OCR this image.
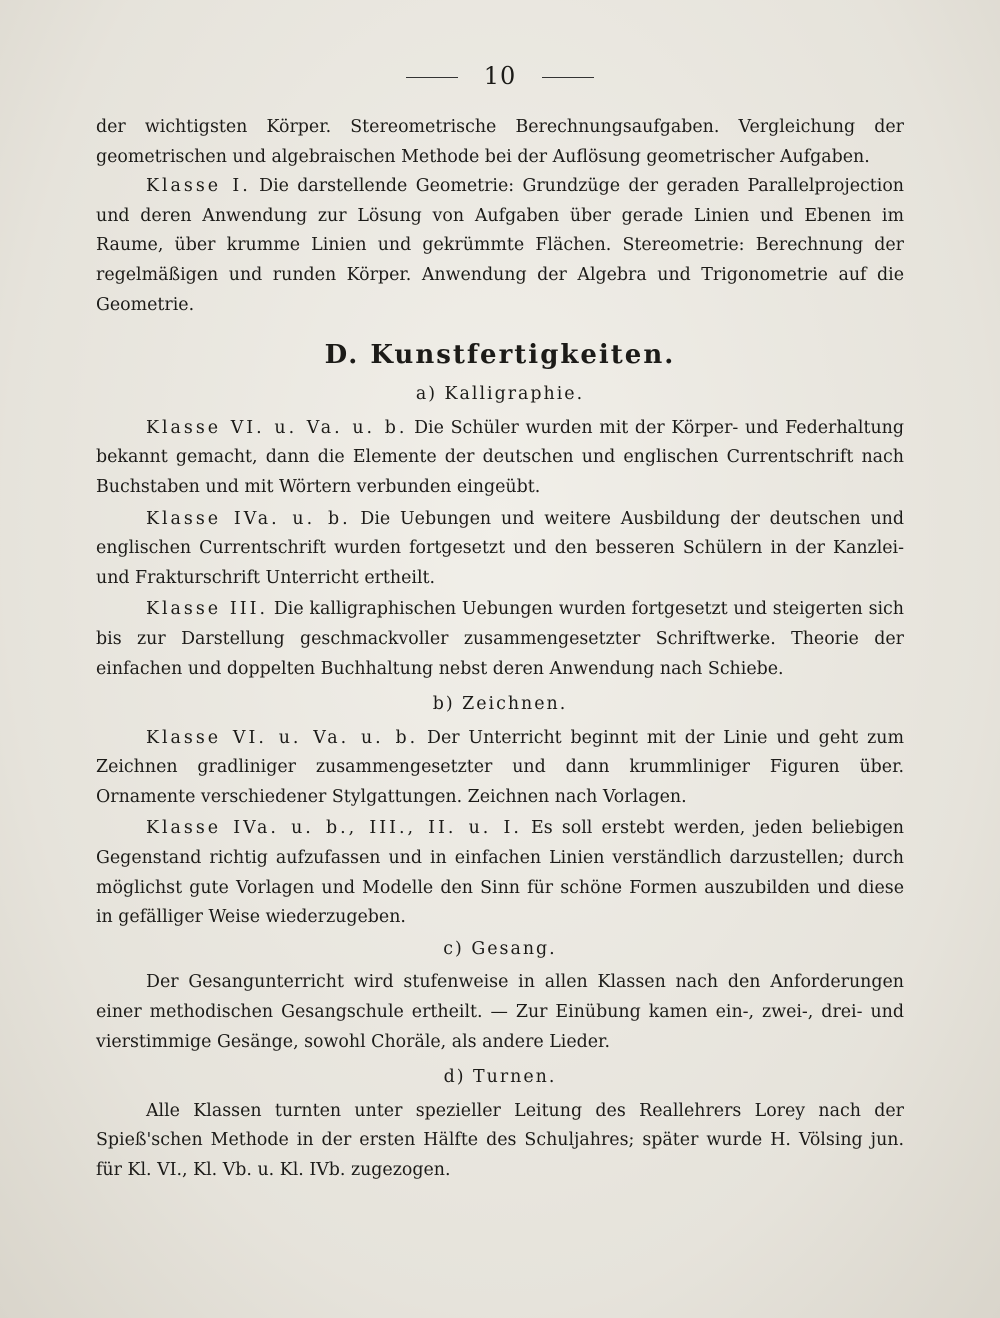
10

der wichtigsten Körper. Stereometrische Berechnungsaufgaben. Vergleichung der geometrischen und algebraischen Methode bei der Auflösung geometrischer Aufgaben.

Klasse I. Die darstellende Geometrie: Grundzüge der geraden Parallelprojection und deren Anwendung zur Lösung von Aufgaben über gerade Linien und Ebenen im Raume, über krumme Linien und gekrümmte Flächen. Stereometrie: Berechnung der regelmäßigen und runden Körper. Anwendung der Algebra und Trigonometrie auf die Geometrie.

D. Kunstfertigkeiten.
a) Kalligraphie.

Klasse VI. u. Va. u. b. Die Schüler wurden mit der Körper- und Federhaltung bekannt gemacht, dann die Elemente der deutschen und englischen Currentschrift nach Buchstaben und mit Wörtern verbunden eingeübt.

Klasse IVa. u. b. Die Uebungen und weitere Ausbildung der deutschen und englischen Currentschrift wurden fortgesetzt und den besseren Schülern in der Kanzlei- und Frakturschrift Unterricht ertheilt.

Klasse III. Die kalligraphischen Uebungen wurden fortgesetzt und steigerten sich bis zur Darstellung geschmackvoller zusammengesetzter Schriftwerke. Theorie der einfachen und doppelten Buchhaltung nebst deren Anwendung nach Schiebe.

b) Zeichnen.

Klasse VI. u. Va. u. b. Der Unterricht beginnt mit der Linie und geht zum Zeichnen gradliniger zusammengesetzter und dann krummliniger Figuren über. Ornamente verschiedener Stylgattungen. Zeichnen nach Vorlagen.

Klasse IVa. u. b., III., II. u. I. Es soll erstebt werden, jeden beliebigen Gegenstand richtig aufzufassen und in einfachen Linien verständlich darzustellen; durch möglichst gute Vorlagen und Modelle den Sinn für schöne Formen auszubilden und diese in gefälliger Weise wiederzugeben.

c) Gesang.

Der Gesangunterricht wird stufenweise in allen Klassen nach den Anforderungen einer methodischen Gesangschule ertheilt. — Zur Einübung kamen ein-, zwei-, drei- und vierstimmige Gesänge, sowohl Choräle, als andere Lieder.

d) Turnen.

Alle Klassen turnten unter spezieller Leitung des Reallehrers Lorey nach der Spieß'schen Methode in der ersten Hälfte des Schuljahres; später wurde H. Völsing jun. für Kl. VI., Kl. Vb. u. Kl. IVb. zugezogen.
